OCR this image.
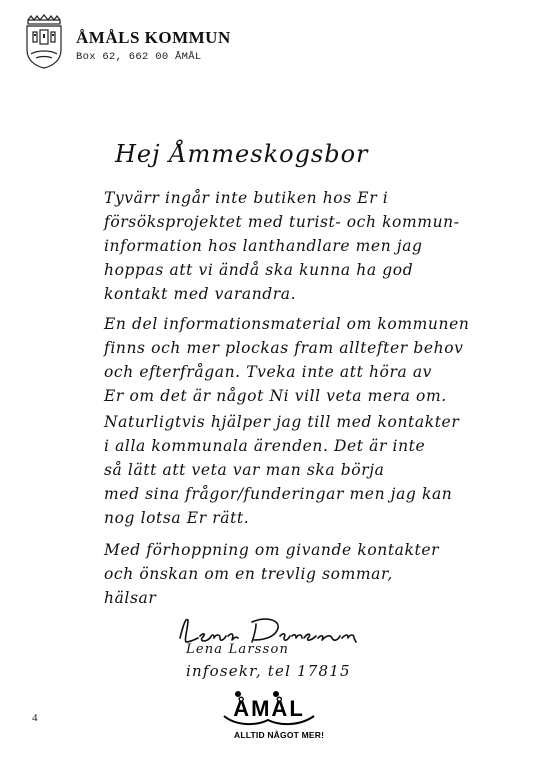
ÅMÅLS KOMMUN
Box 62, 662 00 ÅMÅL
Hej Åmmeskogsbor
Tyvärr ingår inte butiken hos Er i
försöksprojektet med turist- och kommun-
information hos lanthandlare men jag
hoppas att vi ändå ska kunna ha god
kontakt med varandra.
En del informationsmaterial om kommunen
finns och mer plockas fram alltefter behov
och efterfrågan. Tveka inte att höra av
Er om det är något Ni vill veta mera om.
Naturligtvis hjälper jag till med kontakter
i alla kommunala ärenden. Det är inte
så lätt att veta var man ska börja
med sina frågor/funderingar men jag kan
nog lotsa Er rätt.
Med förhoppning om givande kontakter
och önskan om en trevlig sommar,
hälsar
Lena Larsson
infosekr, tel 17815
4	ÅMÅL
ALLTID NÅGOT MER!
